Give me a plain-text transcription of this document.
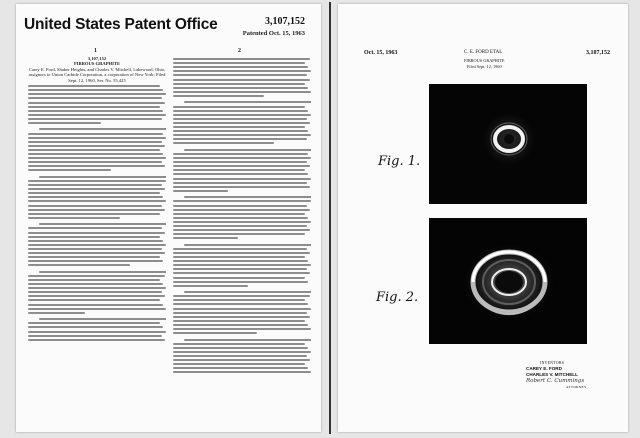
United States Patent Office	3,107,152
Patented Oct. 15, 1963
1	2

3,107,152

FIBROUS GRAPHITE

Carey E. Ford, Shaker Heights, and Charles V. Mitchell, Lakewood, Ohio, assignors to Union Carbide Corporation, a corporation of New York; Filed Sept. 12, 1960, Ser. No. 55,425

Oct. 15, 1963	C. E. FORD ETAL	3,107,152
FIBROUS GRAPHITE
Filed Sept. 12, 1960
Fig. 1.
Fig. 2.
INVENTORS
CAREY E. FORD
CHARLES V. MITCHELL
Robert C. Cummings
ATTORNEY
